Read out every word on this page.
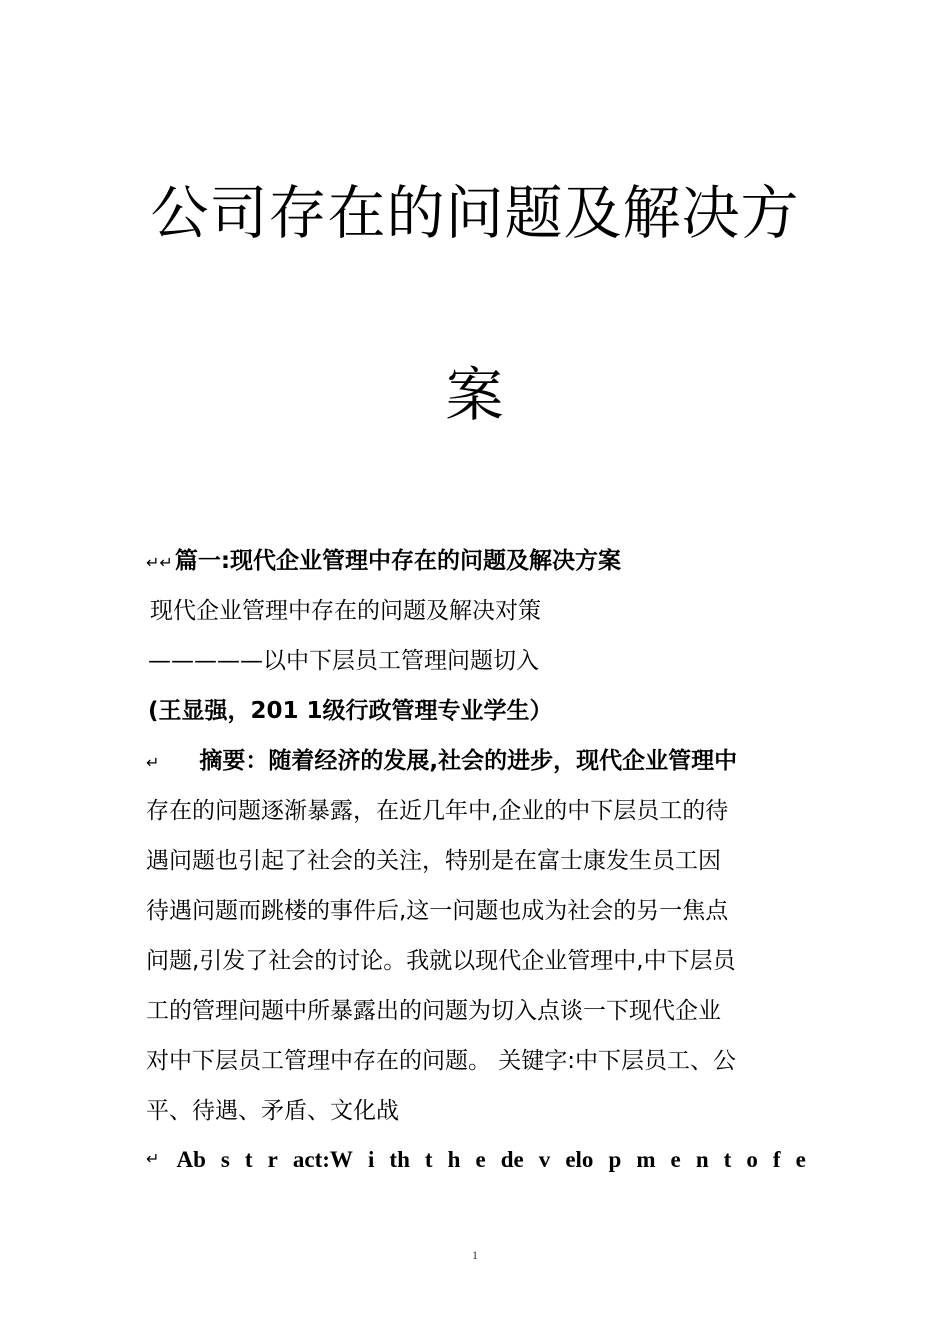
公司存在的问题及解决方
案
↵↵篇一:现代企业管理中存在的问题及解决方案
现代企业管理中存在的问题及解决对策
—————以中下层员工管理问题切入
(王显强，201 1级行政管理专业学生）
↵ 摘要：随着经济的发展,社会的进步，现代企业管理中
存在的问题逐渐暴露，在近几年中,企业的中下层员工的待
遇问题也引起了社会的关注，特别是在富士康发生员工因
待遇问题而跳楼的事件后,这一问题也成为社会的另一焦点
问题,引发了社会的讨论。我就以现代企业管理中,中下层员
工的管理问题中所暴露出的问题为切入点谈一下现代企业
对中下层员工管理中存在的问题。 关键字:中下层员工、公
平、待遇、矛盾、文化战
↵ Ab s t r act:W i th t h e de v elo p m e n t o f e
1
